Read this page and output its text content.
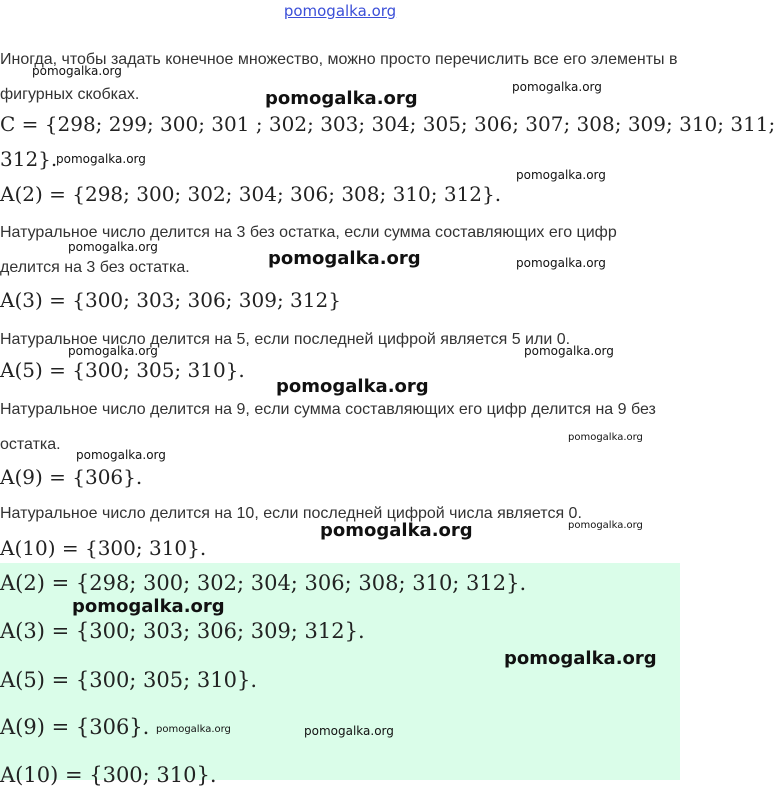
pomogalka.org

Иногда, чтобы задать конечное множество, можно просто перечислить все его элементы в фигурных скобках.

C = {298; 299; 300; 301 ; 302; 303; 304; 305; 306; 307; 308; 309; 310; 311;
312}.
A(2) = {298; 300; 302; 304; 306; 308; 310; 312}.

Натуральное число делится на 3 без остатка, если сумма составляющих его цифр делится на 3 без остатка.

A(3) = {300; 303; 306; 309; 312}

Натуральное число делится на 5, если последней цифрой является 5 или 0.

A(5) = {300; 305; 310}.

Натуральное число делится на 9, если сумма составляющих его цифр делится на 9 без остатка.

A(9) = {306}.

Натуральное число делится на 10, если последней цифрой числа является 0.

A(10) = {300; 310}.
A(2) = {298; 300; 302; 304; 306; 308; 310; 312}.
A(3) = {300; 303; 306; 309; 312}.
A(5) = {300; 305; 310}.
A(9) = {306}.
A(10) = {300; 310}.
pomogalka.org
pomogalka.org
pomogalka.org
pomogalka.org
pomogalka.org
pomogalka.org
pomogalka.org	pomogalka.org
pomogalka.org	pomogalka.org
pomogalka.org
pomogalka.org
pomogalka.org
pomogalka.org
pomogalka.org
pomogalka.org
pomogalka.org
pomogalka.org	pomogalka.org
